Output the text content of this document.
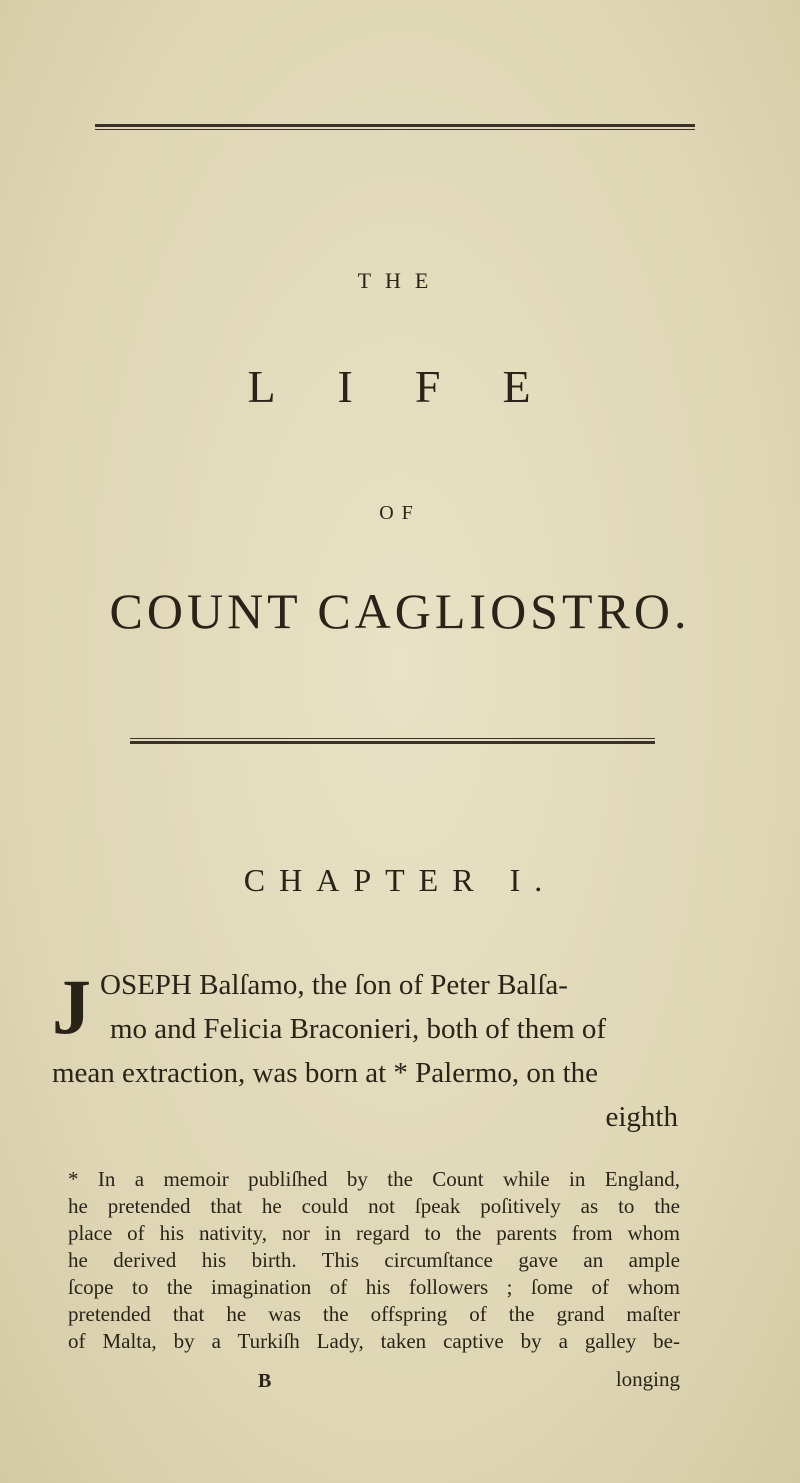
THE
LIFE
OF
COUNT CAGLIOSTRO.
CHAPTER I.
J OSEPH Balſamo, the ſon of Peter Balſa-
mo and Felicia Braconieri, both of them of
mean extraction, was born at * Palermo, on the
eighth
* In a memoir publiſhed by the Count while in England,
he pretended that he could not ſpeak poſitively as to the
place of his nativity, nor in regard to the parents from whom
he derived his birth. This circumſtance gave an ample
ſcope to the imagination of his followers ; ſome of whom
pretended that he was the offspring of the grand maſter
of Malta, by a Turkiſh Lady, taken captive by a galley be-
B	longing
